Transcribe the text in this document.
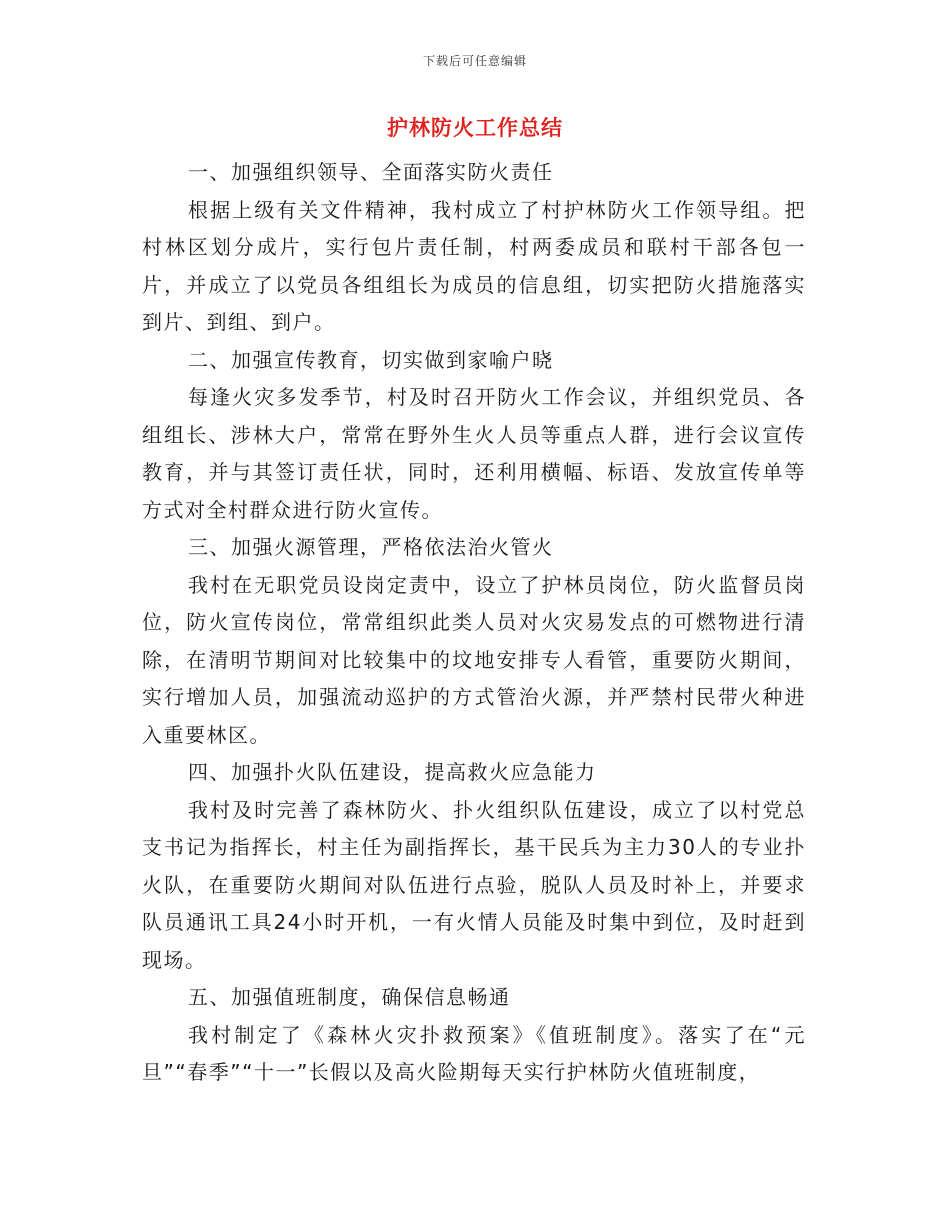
下载后可任意编辑
护林防火工作总结

一、加强组织领导、全面落实防火责任

根据上级有关文件精神，我村成立了村护林防火工作领导组。把村林区划分成片，实行包片责任制，村两委成员和联村干部各包一片，并成立了以党员各组组长为成员的信息组，切实把防火措施落实到片、到组、到户。

二、加强宣传教育，切实做到家喻户晓

每逢火灾多发季节，村及时召开防火工作会议，并组织党员、各组组长、涉林大户，常常在野外生火人员等重点人群，进行会议宣传教育，并与其签订责任状，同时，还利用横幅、标语、发放宣传单等方式对全村群众进行防火宣传。

三、加强火源管理，严格依法治火管火

我村在无职党员设岗定责中，设立了护林员岗位，防火监督员岗位，防火宣传岗位，常常组织此类人员对火灾易发点的可燃物进行清除，在清明节期间对比较集中的坟地安排专人看管，重要防火期间，实行增加人员，加强流动巡护的方式管治火源，并严禁村民带火种进入重要林区。

四、加强扑火队伍建设，提高救火应急能力

我村及时完善了森林防火、扑火组织队伍建设，成立了以村党总支书记为指挥长，村主任为副指挥长，基干民兵为主力30人的专业扑火队，在重要防火期间对队伍进行点验，脱队人员及时补上，并要求队员通讯工具24小时开机，一有火情人员能及时集中到位，及时赶到现场。

五、加强值班制度，确保信息畅通

我村制定了《森林火灾扑救预案》《值班制度》。落实了在“元旦”“春季”“十一”长假以及高火险期每天实行护林防火值班制度，
